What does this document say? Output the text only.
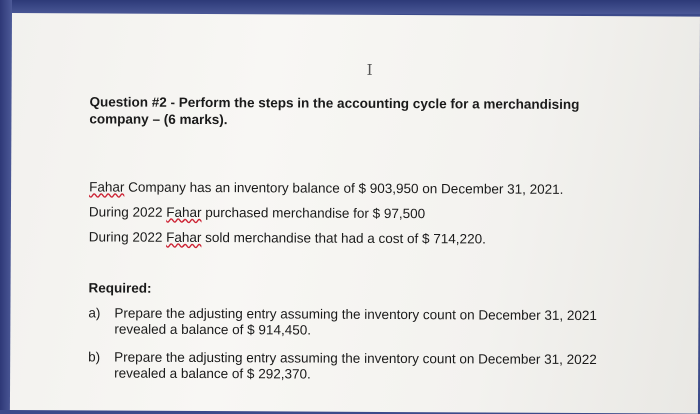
I
Question #2 - Perform the steps in the accounting cycle for a merchandising
company – (6 marks).
Fahar Company has an inventory balance of $ 903,950 on December 31, 2021.
During 2022 Fahar purchased merchandise for $ 97,500
During 2022 Fahar sold merchandise that had a cost of $ 714,220.
Required:
a)	Prepare the adjusting entry assuming the inventory count on December 31, 2021
revealed a balance of $ 914,450.
b)	Prepare the adjusting entry assuming the inventory count on December 31, 2022
revealed a balance of $ 292,370.
